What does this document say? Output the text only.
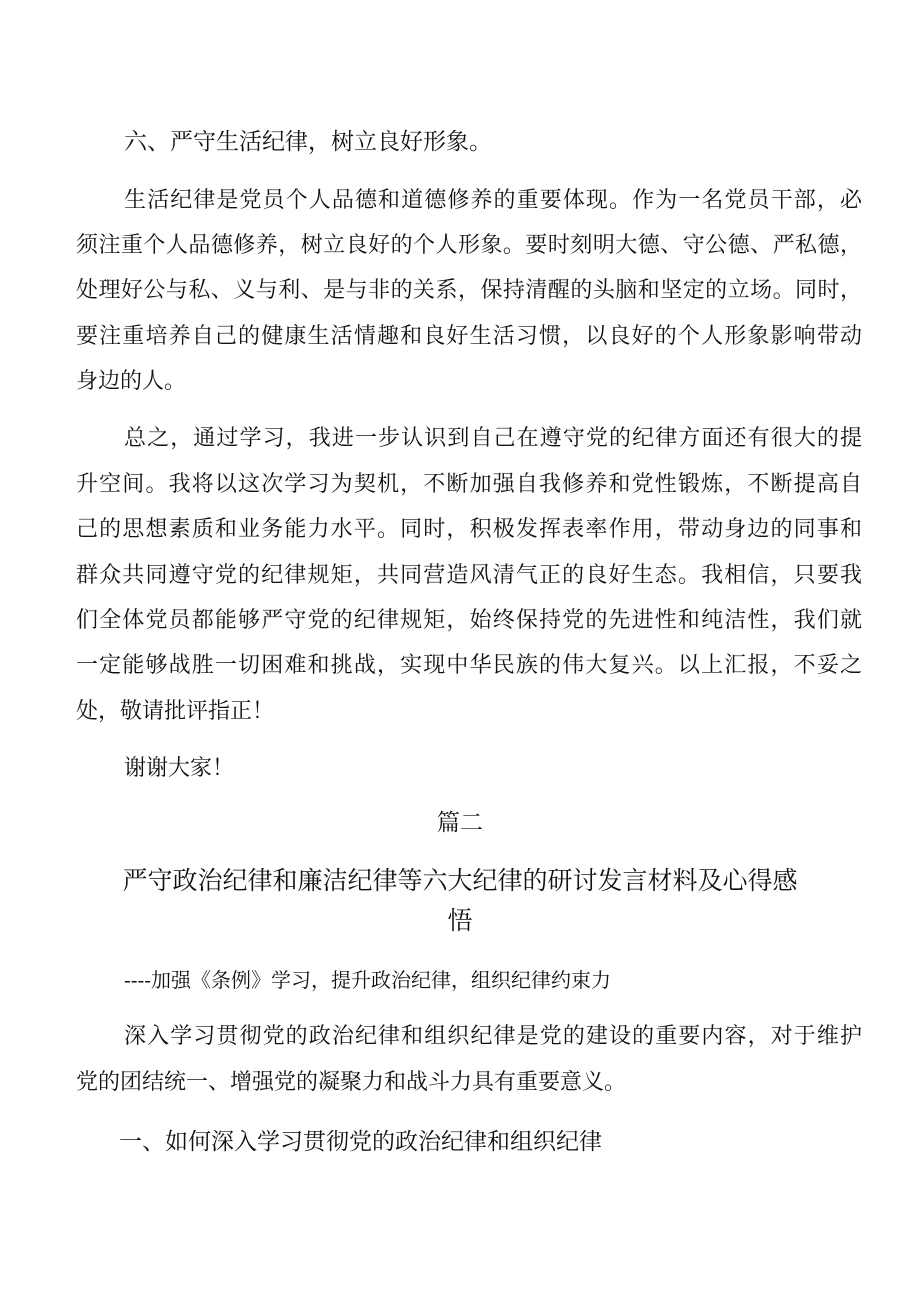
六、严守生活纪律，树立良好形象。
生活纪律是党员个人品德和道德修养的重要体现。作为一名党员干部，必
须注重个人品德修养，树立良好的个人形象。要时刻明大德、守公德、严私德，
处理好公与私、义与利、是与非的关系，保持清醒的头脑和坚定的立场。同时，
要注重培养自己的健康生活情趣和良好生活习惯，以良好的个人形象影响带动
身边的人。
总之，通过学习，我进一步认识到自己在遵守党的纪律方面还有很大的提
升空间。我将以这次学习为契机，不断加强自我修养和党性锻炼，不断提高自
己的思想素质和业务能力水平。同时，积极发挥表率作用，带动身边的同事和
群众共同遵守党的纪律规矩，共同营造风清气正的良好生态。我相信，只要我
们全体党员都能够严守党的纪律规矩，始终保持党的先进性和纯洁性，我们就
一定能够战胜一切困难和挑战，实现中华民族的伟大复兴。以上汇报，不妥之
处，敬请批评指正！
谢谢大家！
篇二
严守政治纪律和廉洁纪律等六大纪律的研讨发言材料及心得感
悟
----加强《条例》学习，提升政治纪律，组织纪律约束力
深入学习贯彻党的政治纪律和组织纪律是党的建设的重要内容，对于维护
党的团结统一、增强党的凝聚力和战斗力具有重要意义。
一、如何深入学习贯彻党的政治纪律和组织纪律
